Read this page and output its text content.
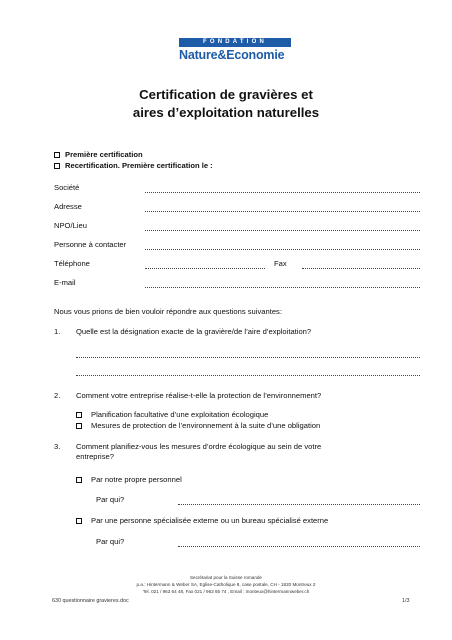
FONDATION
Nature&Economie
Certification de gravières et
aires d’exploitation naturelles
Première certification
Recertification. Première certification le :
Société
Adresse
NPO/Lieu
Personne à contacter
Téléphone	Fax
E-mail
Nous vous prions de bien vouloir répondre aux questions suivantes:
1. Quelle est la désignation exacte de la gravière/de l’aire d’exploitation?
2. Comment votre entreprise réalise-t-elle la protection de l’environnement?
Planification facultative d’une exploitation écologique
Mesures de protection de l’environnement à la suite d’une obligation
3. Comment planifiez-vous les mesures d’ordre écologique au sein de votre
entreprise?
Par notre propre personnel
Par qui?
Par une personne spécialisée externe ou un bureau spécialisé externe
Par qui?
Secrétariat pour la Suisse romande
p.a.: Hintermann & Weber SA, Eglise-Catholique 8, case postale, CH - 1820 Montreux 2
Tel. 021 / 963 64 48, Fax 021 / 963 65 74 , Email : monteux@hintermannweber.ch
630 questionnaire gravieres.doc	1/3
